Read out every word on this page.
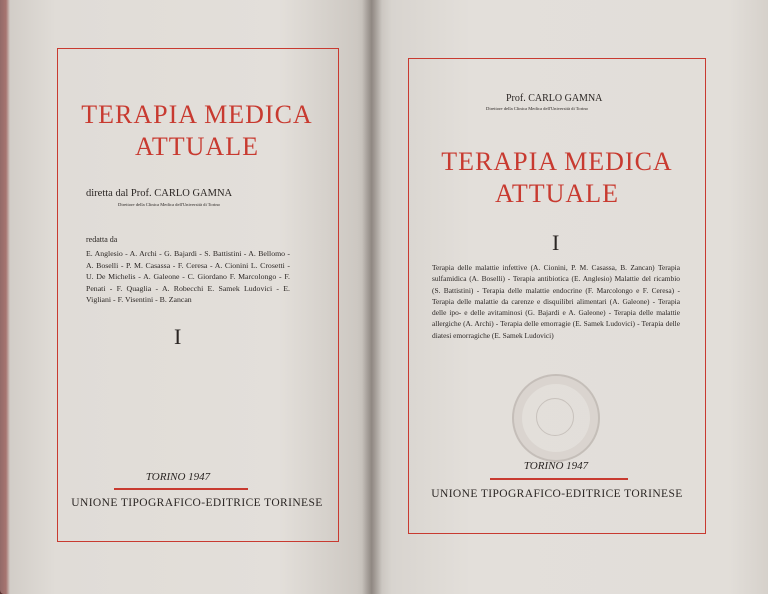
TERAPIA MEDICA

ATTUALE

diretta dal Prof. CARLO GAMNA
Direttore della Clinica Medica dell'Università di Torino
redatta da
E. Anglesio - A. Archi - G. Bajardi - S. Battistini - A. Bellomo - A. Boselli - P. M. Casassa - F. Ceresa - A. Cionini L. Crosetti - U. De Michelis - A. Galeone - C. Giordano F. Marcolongo - F. Penati - F. Quaglia - A. Robecchi E. Samek Ludovici - E. Vigliani - F. Visentini - B. Zancan
I
TORINO 1947
UNIONE TIPOGRAFICO-EDITRICE TORINESE
Prof. CARLO GAMNA
Direttore della Clinica Medica dell'Università di Torino

TERAPIA MEDICA

ATTUALE

I
Terapia delle malattie infettive (A. Cionini, P. M. Casassa, B. Zancan) Terapia sulfamidica (A. Boselli) - Terapia antibiotica (E. Anglesio) Malattie del ricambio (S. Battistini) - Terapia delle malattie endocrine (F. Marcolongo e F. Ceresa) - Terapia delle malattie da carenze e disquilibri alimentari (A. Galeone) - Terapia delle ipo- e delle avitaminosi (G. Bajardi e A. Galeone) - Terapia delle malattie allergiche (A. Archi) - Terapia delle emorragie (E. Samek Ludovici) - Terapia delle diatesi emorragiche (E. Samek Ludovici)
TORINO 1947
UNIONE TIPOGRAFICO-EDITRICE TORINESE
